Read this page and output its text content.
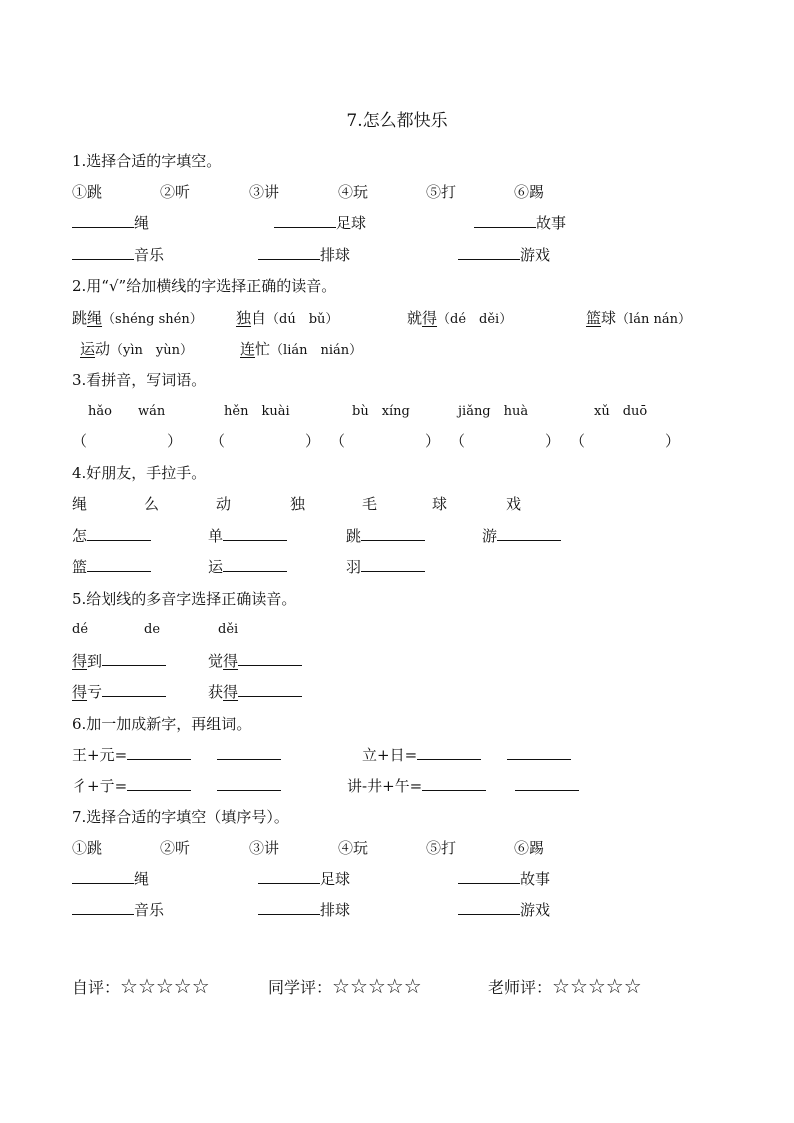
7.怎么都快乐
1.选择合适的字填空。
①跳	②听	③讲	④玩	⑤打	⑥踢
绳	足球	故事
音乐	排球	游戏
2.用“√”给加横线的字选择正确的读音。
跳绳（shéng shén） 独自（dú　bǔ）	就得（dé　děi）	篮球（lán nán）
运动（yìn　yùn）	连忙（lián　nián）
3.看拼音，写词语。
hǎo　　wán	hěn　kuài	bù　xíng	jiǎng　huà	xǔ　duō
（	） （	） （	） （	） （	）
4.好朋友，手拉手。
绳	么	动	独	毛	球	戏
怎	单	跳	游
篮	运	羽
5.给划线的多音字选择正确读音。
dé	de	děi
得到	觉得
得亏	获得
6.加一加成新字，再组词。
王+元=	立+日=
彳+亍=	讲-井+午=
7.选择合适的字填空（填序号）。
①跳	②听	③讲	④玩	⑤打	⑥踢
绳	足球	故事
音乐	排球	游戏
自评：☆☆☆☆☆	同学评：☆☆☆☆☆	老师评：☆☆☆☆☆
